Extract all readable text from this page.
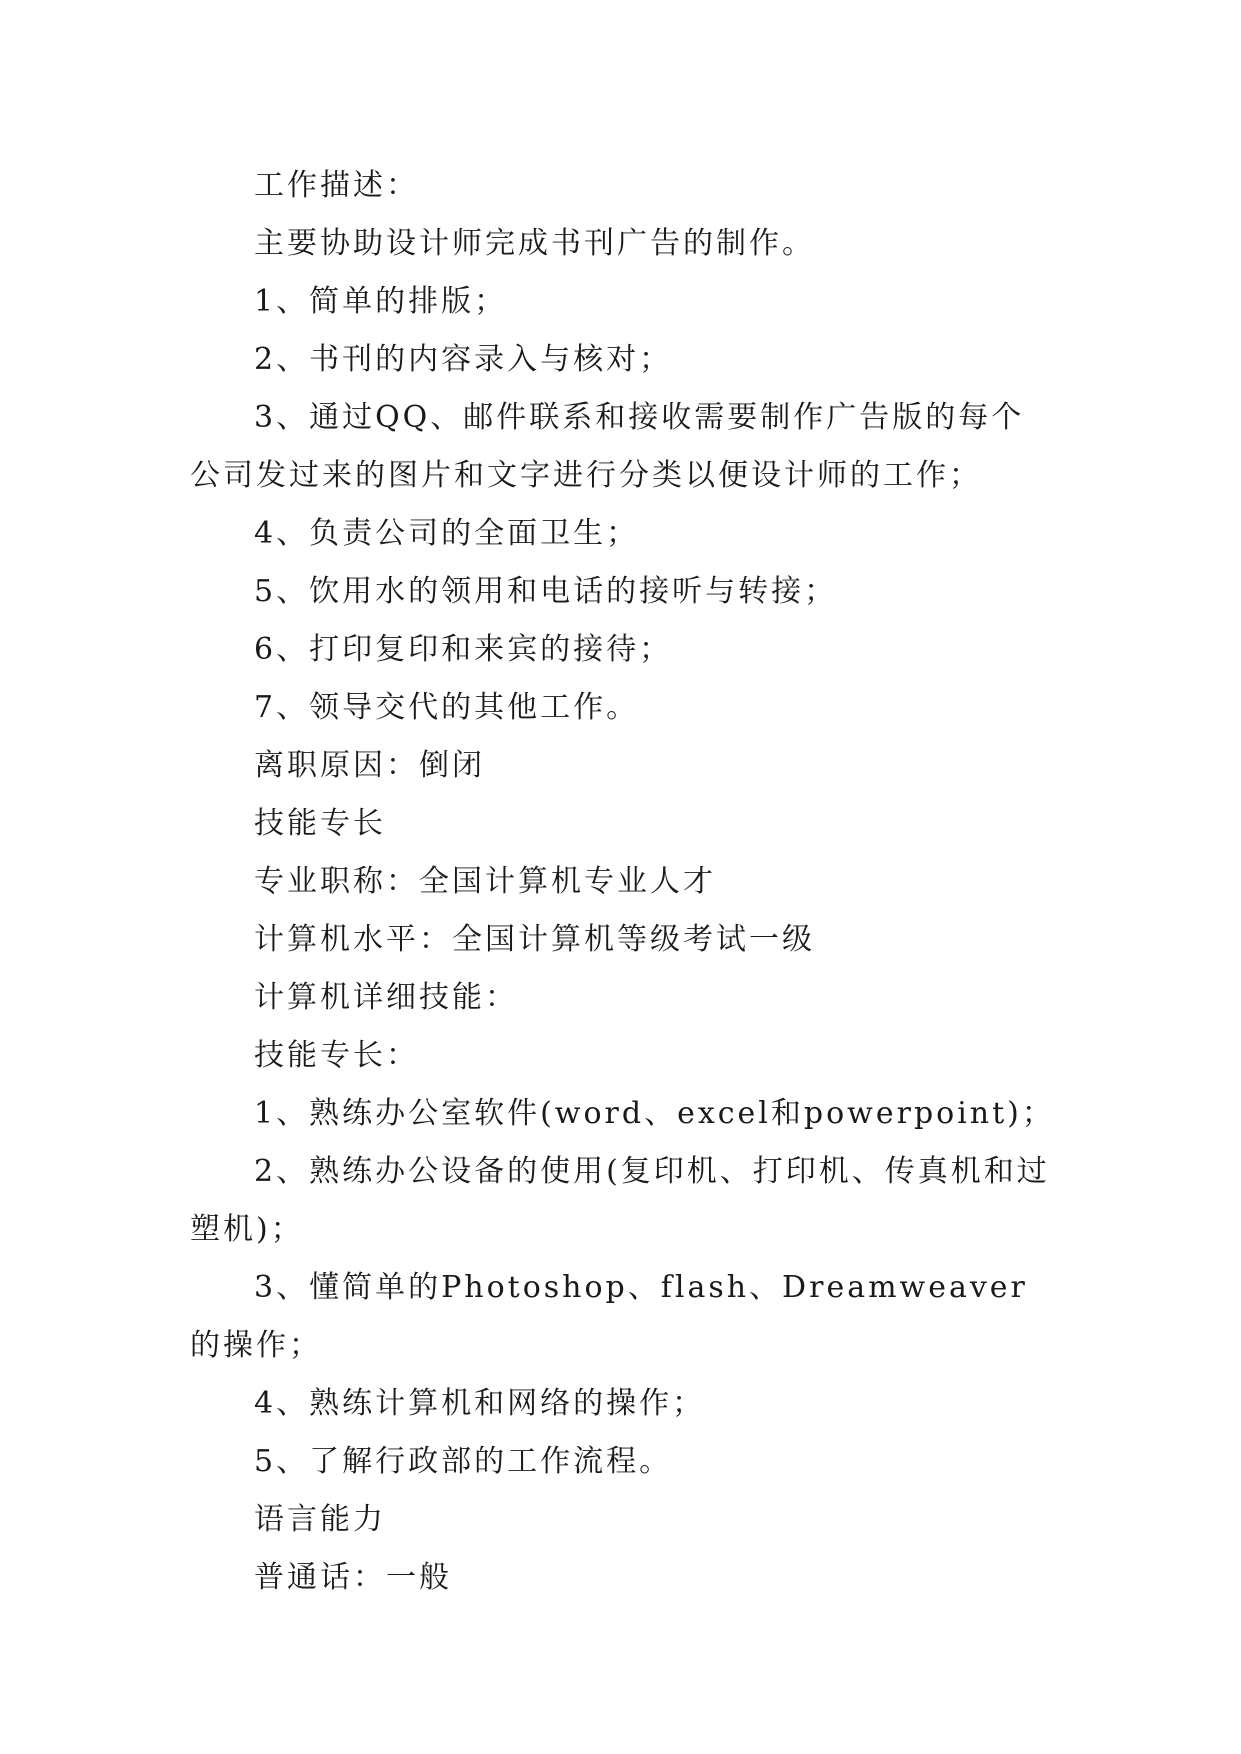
工作描述：

主要协助设计师完成书刊广告的制作。

1、简单的排版；

2、书刊的内容录入与核对；

3、通过QQ、邮件联系和接收需要制作广告版的每个公司发过来的图片和文字进行分类以便设计师的工作；

4、负责公司的全面卫生；

5、饮用水的领用和电话的接听与转接；

6、打印复印和来宾的接待；

7、领导交代的其他工作。

离职原因：倒闭

技能专长

专业职称：全国计算机专业人才

计算机水平：全国计算机等级考试一级

计算机详细技能：

技能专长：

1、熟练办公室软件(word、excel和powerpoint)；

2、熟练办公设备的使用(复印机、打印机、传真机和过塑机)；

3、懂简单的Photoshop、flash、Dreamweaver的操作；

4、熟练计算机和网络的操作；

5、了解行政部的工作流程。

语言能力

普通话：一般
